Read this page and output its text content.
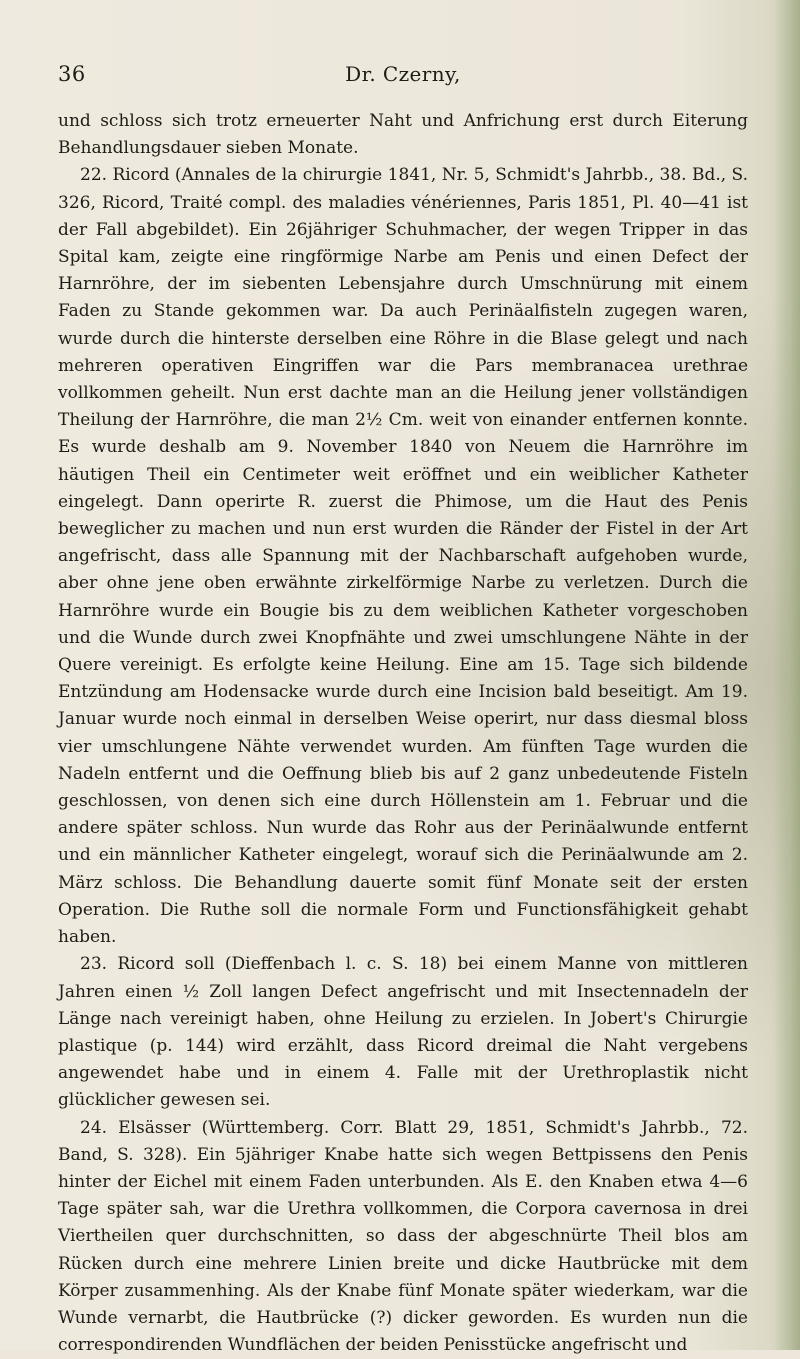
36	Dr. Czerny,

und schloss sich trotz erneuerter Naht und Anfrichung erst durch Eiterung Behandlungsdauer sieben Monate.

22. Ricord (Annales de la chirurgie 1841, Nr. 5, Schmidt's Jahrbb., 38. Bd., S. 326, Ricord, Traité compl. des maladies vénériennes, Paris 1851, Pl. 40—41 ist der Fall abgebildet). Ein 26jähriger Schuhmacher, der wegen Tripper in das Spital kam, zeigte eine ringförmige Narbe am Penis und einen Defect der Harnröhre, der im siebenten Lebensjahre durch Umschnürung mit einem Faden zu Stande gekommen war. Da auch Perinäalfisteln zugegen waren, wurde durch die hinterste derselben eine Röhre in die Blase gelegt und nach mehreren operativen Eingriffen war die Pars membranacea urethrae vollkommen geheilt. Nun erst dachte man an die Heilung jener vollständigen Theilung der Harnröhre, die man 2½ Cm. weit von einander entfernen konnte. Es wurde deshalb am 9. November 1840 von Neuem die Harnröhre im häutigen Theil ein Centimeter weit eröffnet und ein weiblicher Katheter eingelegt. Dann operirte R. zuerst die Phimose, um die Haut des Penis beweglicher zu machen und nun erst wurden die Ränder der Fistel in der Art angefrischt, dass alle Spannung mit der Nachbarschaft aufgehoben wurde, aber ohne jene oben erwähnte zirkelförmige Narbe zu verletzen. Durch die Harnröhre wurde ein Bougie bis zu dem weiblichen Katheter vorgeschoben und die Wunde durch zwei Knopfnähte und zwei umschlungene Nähte in der Quere vereinigt. Es erfolgte keine Heilung. Eine am 15. Tage sich bildende Entzündung am Hodensacke wurde durch eine Incision bald beseitigt. Am 19. Januar wurde noch einmal in derselben Weise operirt, nur dass diesmal bloss vier umschlungene Nähte verwendet wurden. Am fünften Tage wurden die Nadeln entfernt und die Oeffnung blieb bis auf 2 ganz unbedeutende Fisteln geschlossen, von denen sich eine durch Höllenstein am 1. Februar und die andere später schloss. Nun wurde das Rohr aus der Perinäalwunde entfernt und ein männlicher Katheter eingelegt, worauf sich die Perinäalwunde am 2. März schloss. Die Behandlung dauerte somit fünf Monate seit der ersten Operation. Die Ruthe soll die normale Form und Functionsfähigkeit gehabt haben.

23. Ricord soll (Dieffenbach l. c. S. 18) bei einem Manne von mittleren Jahren einen ½ Zoll langen Defect angefrischt und mit Insectennadeln der Länge nach vereinigt haben, ohne Heilung zu erzielen. In Jobert's Chirurgie plastique (p. 144) wird erzählt, dass Ricord dreimal die Naht vergebens angewendet habe und in einem 4. Falle mit der Urethroplastik nicht glücklicher gewesen sei.

24. Elsässer (Württemberg. Corr. Blatt 29, 1851, Schmidt's Jahrbb., 72. Band, S. 328). Ein 5jähriger Knabe hatte sich wegen Bettpissens den Penis hinter der Eichel mit einem Faden unterbunden. Als E. den Knaben etwa 4—6 Tage später sah, war die Urethra vollkommen, die Corpora cavernosa in drei Viertheilen quer durchschnitten, so dass der abgeschnürte Theil blos am Rücken durch eine mehrere Linien breite und dicke Hautbrücke mit dem Körper zusammenhing. Als der Knabe fünf Monate später wiederkam, war die Wunde vernarbt, die Hautbrücke (?) dicker geworden. Es wurden nun die correspondirenden Wundflächen der beiden Penisstücke angefrischt und
